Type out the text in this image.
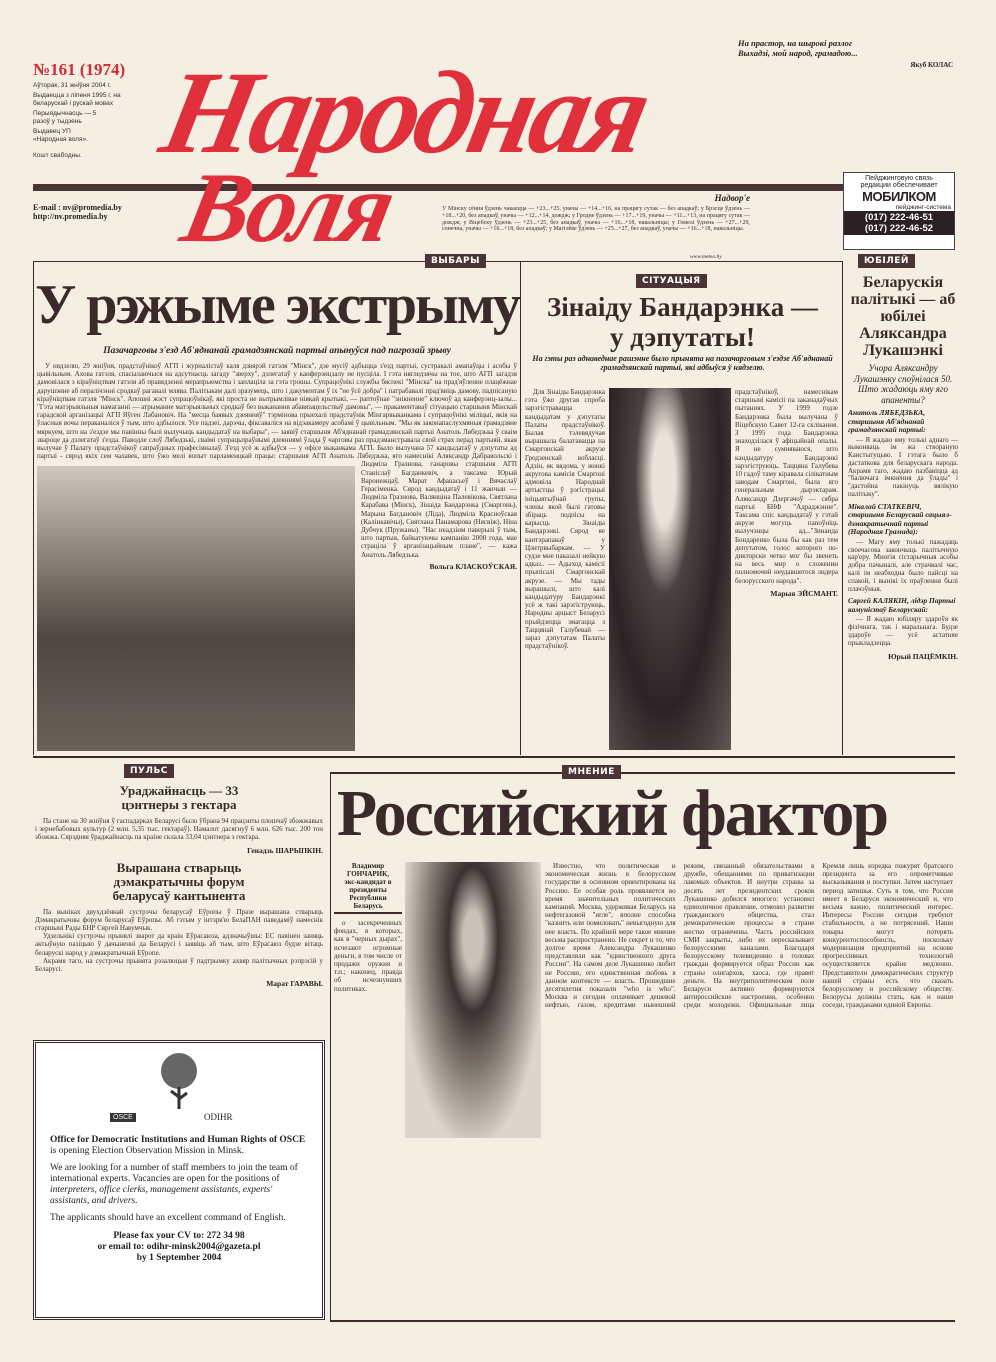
№161 (1974)
Аўторак, 31 жніўня 2004 г.
Выдаецца з ліпеня 1995 г. на беларускай і рускай мовах
Перыядычнасць — 5 разоў у тыдзень
Выдавец УП «Народная воля».
Кошт свабодны.
E-mail : nv@promedia.by
http://nv.promedia.by
Народная
Воля
На прастор, на шырокі разлог
Выхадзі, мой народ, грамадою...
Якуб КОЛАС
Надвор'е
У Мінску сёння ўдзень чакаецца — +23...+25, уначы — +14...+16, на працягу сутак — без ападкаў; у Брэсце ўдзень — +18...+20, без ападкаў, уначы — +12...+14, дождж; у Гродне ўдзень — +17...+19, уначы — +11...+13, на працягу сутак — дождж; у Віцебску ўдзень — +23...+25, без ападкаў, уначы — +16...+18, навальніцы; у Гомелі ўдзень — +27...+29, сонечна, уначы — +16...+18, без ападкаў; у Магілёве ўдзень — +25...+27, без ападкаў, уначы — +16...+18, навальніцы.
www.meteo.by
Пейджинговую связь
редакции обеспечивает
МОБИЛКОМ
пейджинг-система
(017) 222-46-51
(017) 222-46-52
ВЫБАРЫ
У рэжыме экстрыму
Пазачарговы з'езд Аб'яднанай грамадзянскай партыі апынуўся пад пагрозай зрыву
У нядзелю, 29 жніўня, прадстаўнікоў АГП і журналістаў каля дзвярэй гатэля "Мінск", дзе мусіў адбыцца з'езд партыі, сустракалі амапаўцы і асобы ў цывільным. Ахова гатэля, спасылаючыся на адсутнасць загаду "зверху", дэлегатаў у канферэнцзалу не пусціла. І гэта нягледзячы на тое, што АГП загадзя дамовілася з кіраўніцтвам гатэля аб правядзенні мерапрыемства і заплаціла за гэта грошы. Супрацоўнікі службы бяспекі "Мінска" на прад'яўленне плацёжнае дарушэнне аб пералічэнні сродкаў рагавалі млява. Палітыкам далі зразумець, што і дакументам ў іх "не ўсё добра" і патрабавалі прад'явіць дамову, падпісаную кіраўніцтвам гатэля "Мінск". Апошні жэст супрацоўнікаў, які проста не вытрымлівае ніякай крытыкі, — раптоўнае "знікненне" ключоў ад канферэнц-залы... "Гэта матэрыяльныя намаганні — атрыманне матэрыяльных сродкаў без выканання абавязацельстваў дамовы", — пракаментаваў сітуацыю старшыня Мінскай гарадской арганізацыі АГП Яўген Лабановіч. На "месца баявых дзеянняў" тэрмінова прыехалі прадстаўнік Мінгарвыканкама і супрацоўнікі міліцыі, якія на ўласныя вочы пераканаліся ў тым, што адбылося. Усе падзеі, дарэчы, фіксаваліся на відэакамеру асобамі ў цывільным. "Мы як законапаслухмяныя грамадзяне мяркуем, што на з'ездзе мы павінны былі вылучыць кандыдатаў на выбары", — заявіў старшыня Аб'яднанай грамадзянскай партыі Анатоль Лябедзька ў сваім звароце да дэлегатаў з'езда. Паводле слоў Лябедзькі, сваімі супрацьпраўнымі дзеяннямі ўлада ў чарговы раз прадэманстравала свой страх перад партыяй, якая вылучае ў Палату прадстаўнікоў сапраўдных прафесіяналаў. З'езд усё ж адбыўся — у офісе выканкама АГП. Было вылучана 57 кандыдатаў у дэпутаты ад партыі - сярод якіх сем чалавек, што ўжо мелі вопыт парламенцкай працы: старшыня АГП Анатоль Лябедзька, яго намеснікі Аляксандр Дабравольскі і Людміла Гразнова, ганаровы старшыня АГП Станіслаў Багданкевіч, а таксама Юрый Варонежцаў, Марат Афанасьеў і Вячаслаў Герасіменка. Сярод кандыдатаў і 11 жанчын — Людміла Гразнова, Валянціна Палевікова, Святлана Карабава (Мінск), Зінаіда Бандарэнка (Смаргонь), Марына Багдановіч (Ліда), Людміла Красноўская (Калінкавічы), Святлана Панамарова (Нясвіж), Ніна Дубчук (Пружаны). "Нас неадзінм паверылі ў тым, што партыя, байкатуючы кампанію 2000 года, мае страціла ў арганізацыйным плане", — кажа Анатоль Лябедзька.
Вольга КЛАСКОЎСКАЯ.
СІТУАЦЫЯ
Зінаіду Бандарэнка —
у дэпутаты!
На гэты раз аднаведнае рашэнне было прынята на пазачарговым з'ездзе Аб'яднанай грамадзянскай партыі, які адбыўся ў нядзелю.
Для Зінаіды Бандарэнка гэта ўжо другая спроба зарэгістравацца кандыдатам у дэпутаты Палаты прадстаўнікоў. Былая тэлевядучая вырашыла балатавацца па Смаргонскай акрузе Гродзенскай вобласці. Адзін, як вядома, у жонкі акругова камісія Смаргоні адмовіла Народнай артыстцы ў рэгістрацыі ініцыятыўнай групы, члены якой былі гатовы збіраць подпісы на карысць Зінаіды Бандарэнкі. Сярод яе кантэрапаваў у Цэнтрвыбаркам. — У судзе мне паказалі нейкую адказ.. — Адыход камісіі прыпісалі Смаргонскай акрузе. — Мы тады вырашылі, што калі кандыдатуру Бандарэнкі усё ж такі зарэгіструюць, Народны арцыст Беларусі прыйдзецца змагацца з Таццянай Галубевай — зараз дэпутатам Палаты прадстаўнікоў.
прадстаўнікоў, намеснікам старшыні камісіі па заканадаўчых пытаннях. У 1999 годзе Бандарэнка была вылучана ў Віцебскую Савет 12-га склікання. З 1995 года Бандарэнка знаходзілася ў афіцыйнай опалы. Я не сумняваюся, што кандыдатуру Бандарэнкі зарэгіструюць. Таццяна Галубева 10 гадоў таму кіравала сілікатным заводам Смаргоні, была яго генеральным дырэктарам. Аляксандр Дзергачоў — сябра партыі БНФ "Адраджэнне". Таксама спіс кандыдатаў у гэтай акрузе могуць папоўніць вылучэнцы ад..."Зинаида Бондаренко была бы как раз тем депутатом, голос которого по-дикторски четко мог бы звенеть на весь мир о сложении полномочий неудавшегося лидера белорусского народа".
Марыя ЭЙСМАНТ.
ЮБІЛЕЙ
Беларускія палітыкі — аб юбілеі Аляксандра Лукашэнкі
Учора Аляксандру Лукашэнку споўнілася 50. Што жадаюць яму яго апаненты?
Анатоль ЛЯБЕДЗЬКА, старшыня Аб'яднанай грамадзянскай партыі:
— Я жадаю яму толькі аднаго — выконваць ім жа створаную Канстытуцыю. І гэтага было б дастаткова для беларускага народа. Акрамя таго, жадаю пазбавіцца ад "балючага імкнення да ўлады" і "дастойна пакінуць вялікую палітыку".
Мікалай СТАТКЕВІЧ, старшыня Беларускай сацыял-дэмакратычнай партыі (Народная Грамада):
— Магу яму толькі пажадаць своечасова закончыць палітычную кар'еру. Многія гістарычныя асобы добра пачыналі, але страчвалі час, калі ім неабходна было пайсці на спакой, і вынікі іх праўлення былі плачэўныя.
Сяргей КАЛЯКІН, лідэр Партыі камуністаў Беларускай:
— Я жадаю юбіляру здароўя як фізічнага, так і маральнага. Будзе здароўе — усё астатняе прыкладзецца.
Юрый ПАЦЁМКІН.
ПУЛЬС
Ураджайнасць — 33 цэнтнеры з гектара
Па стане на 30 жніўня ў гаспадарках Беларусі было ўбрана 94 працэнты плошчаў збожжавых і зернебабовых культур (2 млн. 5,35 тыс. гектараў). Намалот дасягнуў 6 млн. 626 тыс. 200 тон збожжа. Сярэдняя ўраджайнасць па краіне склала 33,04 цэнтнера з гектара.
Генадзь ШАРЫПКІН.
Вырашана стварыць дэмакратычны форум беларусаў кантынента

Па выніках двухдзённай сустрэчы беларусаў Еўропы ў Празе вырашана стварыць Дэмакратычны форум беларусаў Еўропы. Аб гэтым у інтэрв'ю БелаПАН паведаміў намеснік старшыні Рады БНР Сяргей Навумчык.

Удзельнікі сустрэчы прынялі зварот да краін Еўрасаюза, адзначыўшы: ЕС павінен заняць актыўную пазіцыю ў дачыненні да Беларусі і заявіць аб тым, што Еўрасаюз будзе вітаць беларускі народ у дэмакратычнай Еўропе.

Акрамя таго, на сустрэчы прынята рэзалюцыя ў падтрымку ахвяр палітычных рэпрэсій у Беларусі.

Марат ГАРАВЫ.
OSCE	ODIHR

Office for Democratic Institutions and Human Rights of OSCE is opening Election Observation Mission in Minsk.

We are looking for a number of staff members to join the team of international experts. Vacancies are open for the positions of interpreters, office clerks, management assistants, experts' assistants, and drivers.

The applicants should have an excellent command of English.

Please fax your CV to: 272 34 98
or email to: odihr-minsk2004@gazeta.pl
by 1 September 2004
МНЕНИЕ
Российский фактор
Владимир ГОНЧАРИК,
экс-кандидат в президенты Республики Беларусь
о засекреченных фондах, в которых, как в "черных дырах", исчезают огромные деньги, в том числе от продажи оружия и т.п.; наконец, правда об исчезнувших политиках.
Известно, что политическая и экономическая жизнь в белорусском государстве в основном ориентирована на Россию. Ее особая роль проявляется во время значительных политических кампаний. Москва, удерживая Беларусь на нефтегазовой "игле", вполне способна "казнить или помиловать" невыгодную для нее власть. По крайней мере такое мнение весьма распространено. Не секрет и то, что долгое время Александра Лукашенко представляли как "единственного друга России". На самом деле Лукашенко любит не Россию, его единственная любовь в данном контексте — власть. Прошедшие десятилетия показали "who is who". Москва и сегодня оплачивает дешевой нефтью, газом, кредитами нынешний режим, связанный обязательствами в дружбе, обещаниями по приватизации лакомых объектов. И внутри страны за десять лет президентских сроков Лукашенко добился многого: установил единоличное правление, отменил развитие гражданского общества, стал демократические процессы в стране жестко ограничены. Часть российских СМИ закрыты, либо их пересказывает белорусскими каналами. Благодаря белорусскому телевидению в головах граждан формируется образ России как страны олигархов, хаоса, где правят деньги. На внутриполитическом поле Беларуси активно формируются антироссийские настроения, особенно среди молодежи. Официальные лица Кремля лишь изредка пожурят братского президента за его опрометчивые высказывания и поступки. Затем наступает период затишья. Суть в том, что Россия имеет в Беларуси экономический и, что весьма важно, политический интерес. Интересы России сегодня требуют стабильности, а не потрясений. Наши товары могут потерять конкурентоспособность, поскольку модернизация предприятий на основе прогрессивных технологий осуществляется крайне медленно. Представители демократических структур нашей страны есть что сказать белорусскому и российскому обществу. Белорусы должны стать, как и наши соседи, гражданами единой Европы.
